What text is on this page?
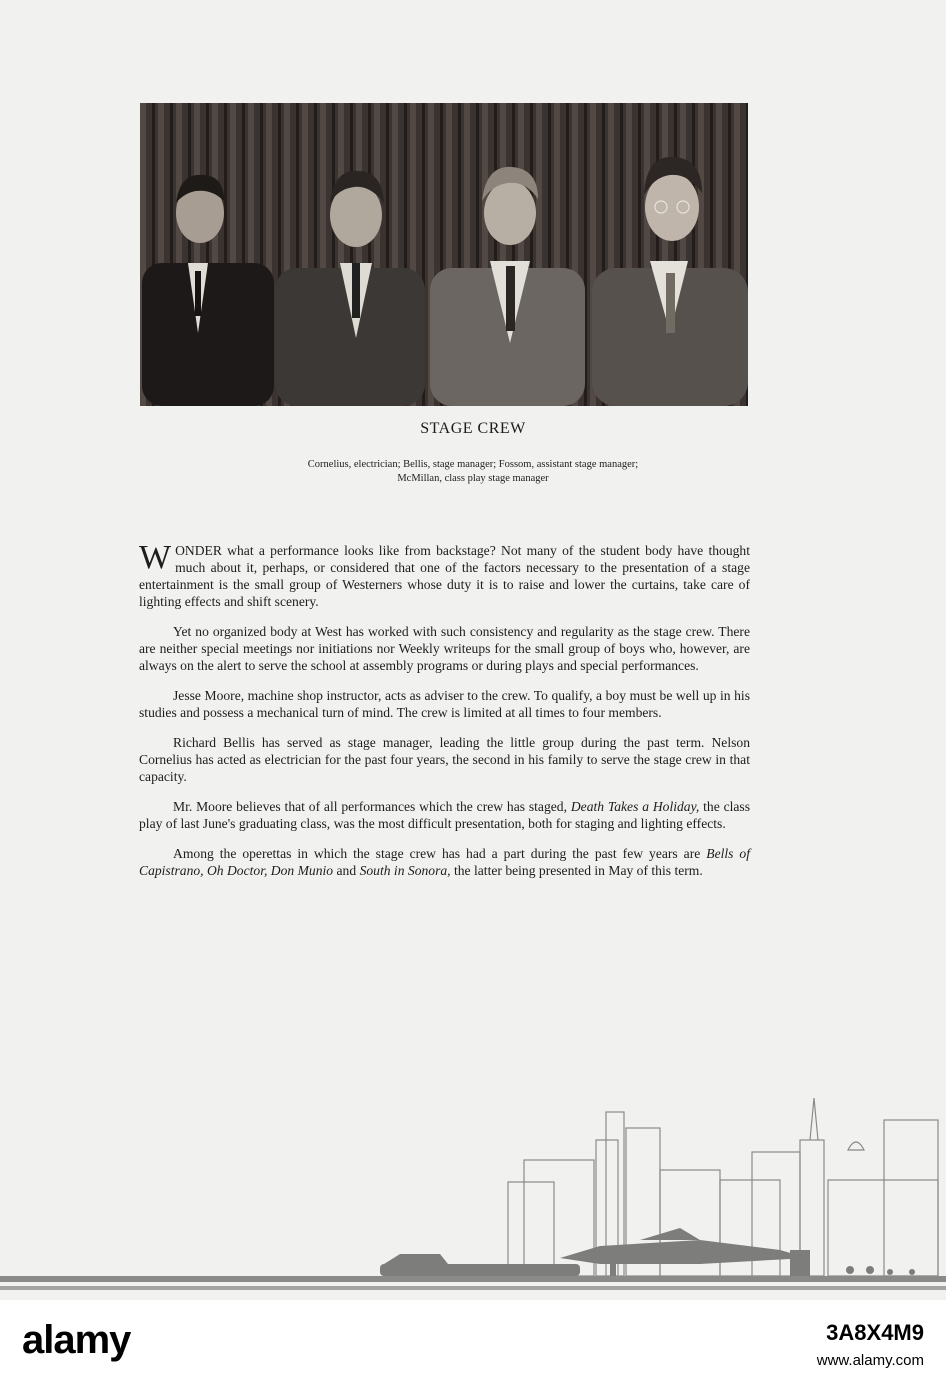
STAGE CREW
Cornelius, electrician; Bellis, stage manager; Fossom, assistant stage manager;
McMillan, class play stage manager

WONDER what a performance looks like from backstage? Not many of the student body have thought much about it, perhaps, or considered that one of the factors necessary to the presentation of a stage entertainment is the small group of Westerners whose duty it is to raise and lower the curtains, take care of lighting effects and shift scenery.

Yet no organized body at West has worked with such consistency and regularity as the stage crew. There are neither special meetings nor initiations nor Weekly writeups for the small group of boys who, however, are always on the alert to serve the school at assembly programs or during plays and special performances.

Jesse Moore, machine shop instructor, acts as adviser to the crew. To qualify, a boy must be well up in his studies and possess a mechanical turn of mind. The crew is limited at all times to four members.

Richard Bellis has served as stage manager, leading the little group during the past term. Nelson Cornelius has acted as electrician for the past four years, the second in his family to serve the stage crew in that capacity.

Mr. Moore believes that of all performances which the crew has staged, Death Takes a Holiday, the class play of last June's graduating class, was the most difficult presentation, both for staging and lighting effects.

Among the operettas in which the stage crew has had a part during the past few years are Bells of Capistrano, Oh Doctor, Don Munio and South in Sonora, the latter being presented in May of this term.

alamy	3A8X4M9
www.alamy.com
